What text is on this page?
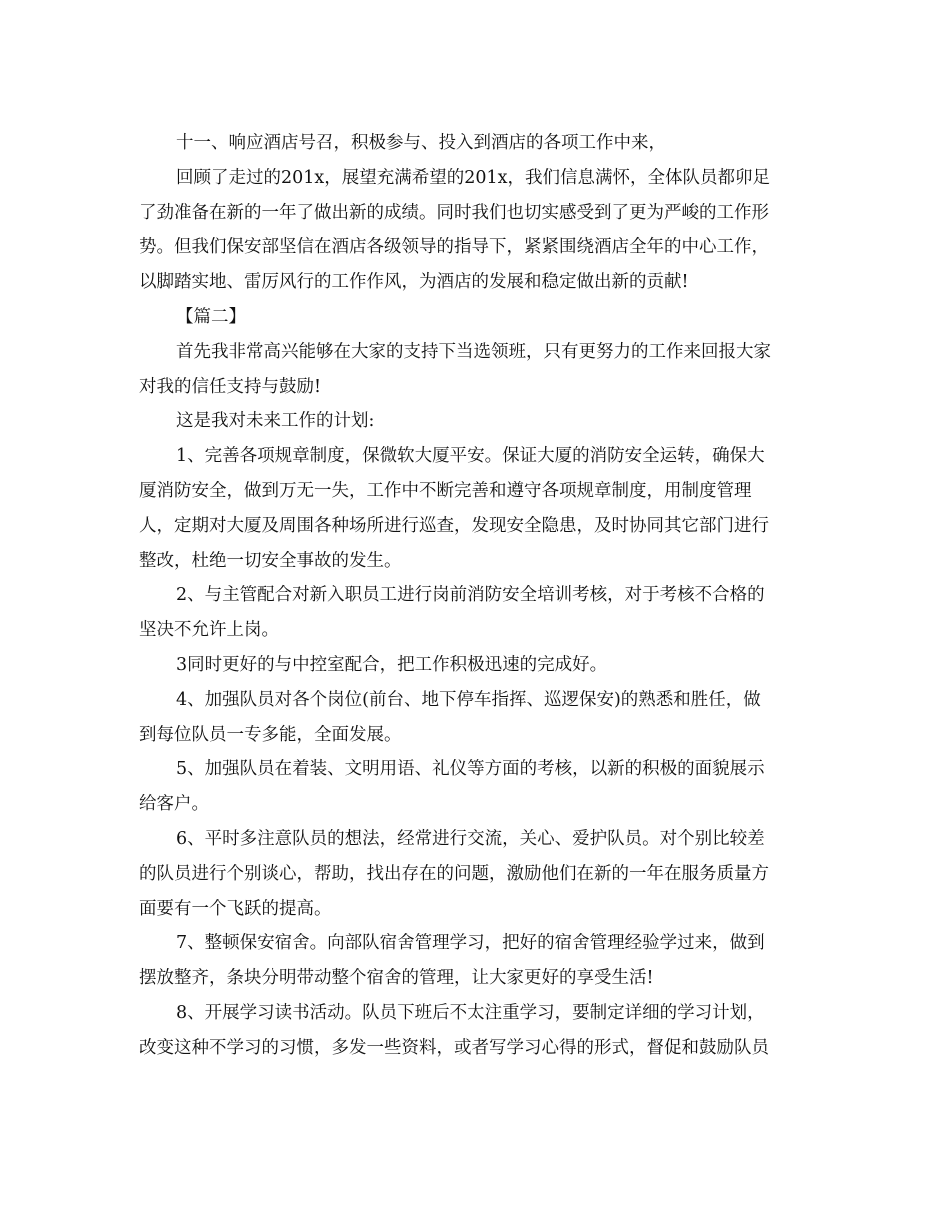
十一、响应酒店号召，积极参与、投入到酒店的各项工作中来，

回顾了走过的201x，展望充满希望的201x，我们信息满怀，全体队员都卯足
了劲准备在新的一年了做出新的成绩。同时我们也切实感受到了更为严峻的工作形
势。但我们保安部坚信在酒店各级领导的指导下，紧紧围绕酒店全年的中心工作，
以脚踏实地、雷厉风行的工作作风，为酒店的发展和稳定做出新的贡献!

【篇二】

首先我非常高兴能够在大家的支持下当选领班，只有更努力的工作来回报大家
对我的信任支持与鼓励!

这是我对未来工作的计划:

1、完善各项规章制度，保微软大厦平安。保证大厦的消防安全运转，确保大
厦消防安全，做到万无一失，工作中不断完善和遵守各项规章制度，用制度管理
人，定期对大厦及周围各种场所进行巡查，发现安全隐患，及时协同其它部门进行
整改，杜绝一切安全事故的发生。

2、与主管配合对新入职员工进行岗前消防安全培训考核，对于考核不合格的
坚决不允许上岗。

3同时更好的与中控室配合，把工作积极迅速的完成好。

4、加强队员对各个岗位(前台、地下停车指挥、巡逻保安)的熟悉和胜任，做
到每位队员一专多能，全面发展。

5、加强队员在着装、文明用语、礼仪等方面的考核，以新的积极的面貌展示
给客户。

6、平时多注意队员的想法，经常进行交流，关心、爱护队员。对个别比较差
的队员进行个别谈心，帮助，找出存在的问题，激励他们在新的一年在服务质量方
面要有一个飞跃的提高。

7、整顿保安宿舍。向部队宿舍管理学习，把好的宿舍管理经验学过来，做到
摆放整齐，条块分明带动整个宿舍的管理，让大家更好的享受生活!

8、开展学习读书活动。队员下班后不太注重学习，要制定详细的学习计划，
改变这种不学习的习惯，多发一些资料，或者写学习心得的形式，督促和鼓励队员
